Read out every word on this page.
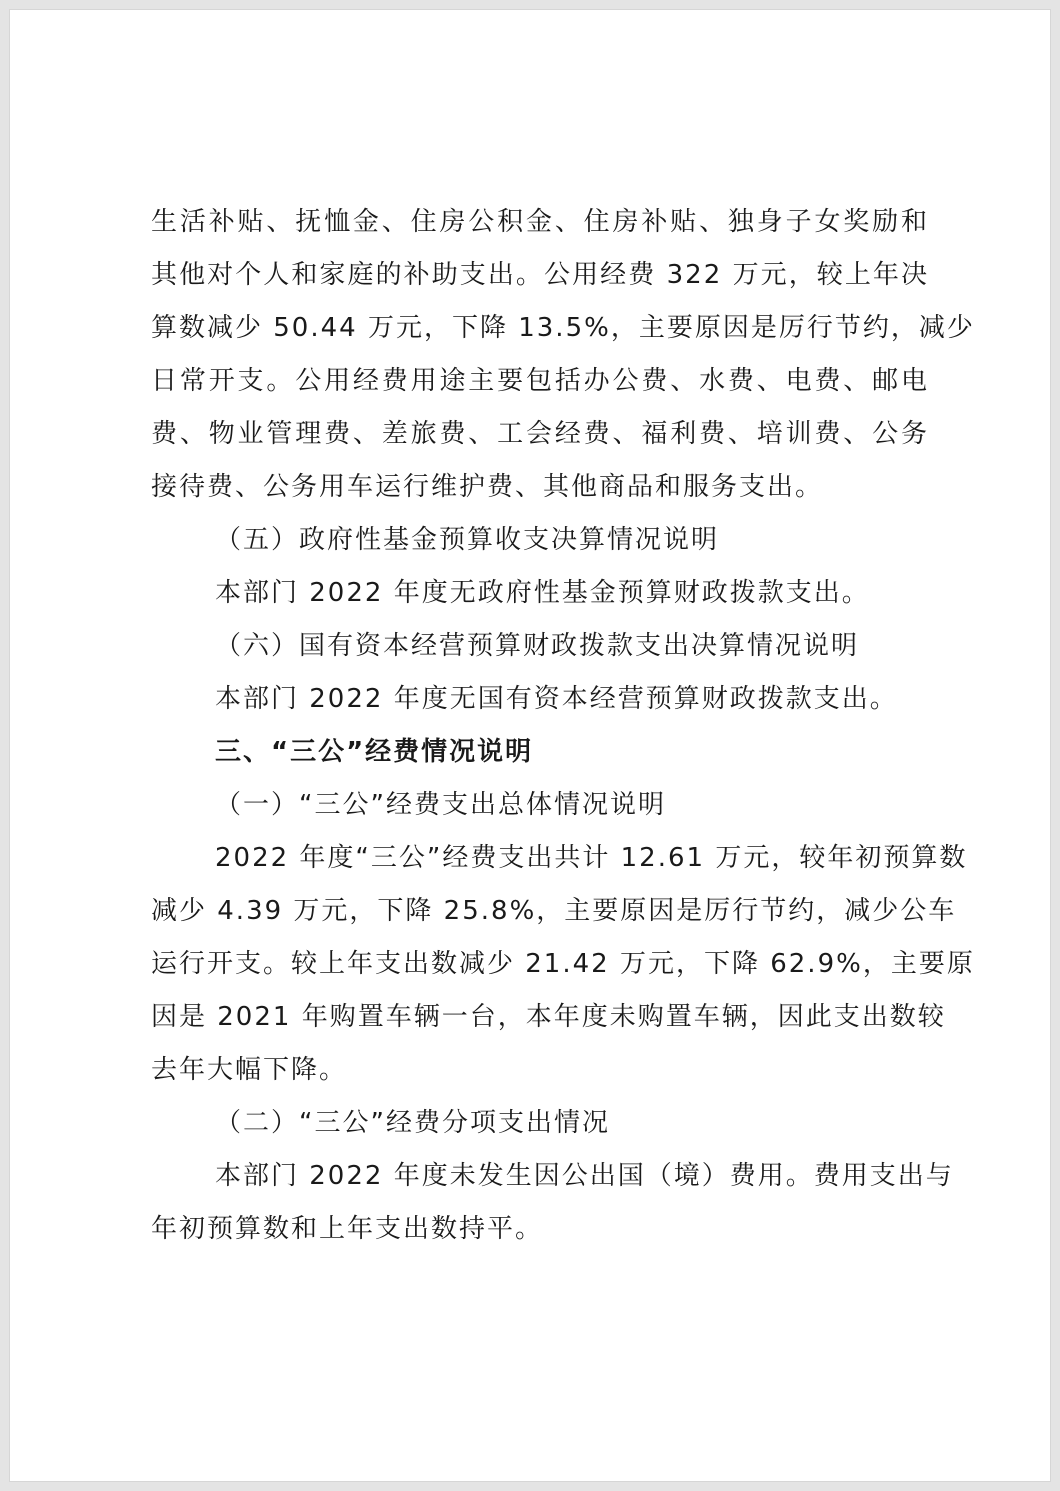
生活补贴、抚恤金、住房公积金、住房补贴、独身子女奖励和
其他对个人和家庭的补助支出。公用经费 322 万元，较上年决
算数减少 50.44 万元，下降 13.5%，主要原因是厉行节约，减少
日常开支。公用经费用途主要包括办公费、水费、电费、邮电
费、物业管理费、差旅费、工会经费、福利费、培训费、公务
接待费、公务用车运行维护费、其他商品和服务支出。
（五）政府性基金预算收支决算情况说明
本部门 2022 年度无政府性基金预算财政拨款支出。
（六）国有资本经营预算财政拨款支出决算情况说明
本部门 2022 年度无国有资本经营预算财政拨款支出。
三、“三公”经费情况说明
（一）“三公”经费支出总体情况说明
2022 年度“三公”经费支出共计 12.61 万元，较年初预算数
减少 4.39 万元，下降 25.8%，主要原因是厉行节约，减少公车
运行开支。较上年支出数减少 21.42 万元，下降 62.9%，主要原
因是 2021 年购置车辆一台，本年度未购置车辆，因此支出数较
去年大幅下降。
（二）“三公”经费分项支出情况
本部门 2022 年度未发生因公出国（境）费用。费用支出与
年初预算数和上年支出数持平。
